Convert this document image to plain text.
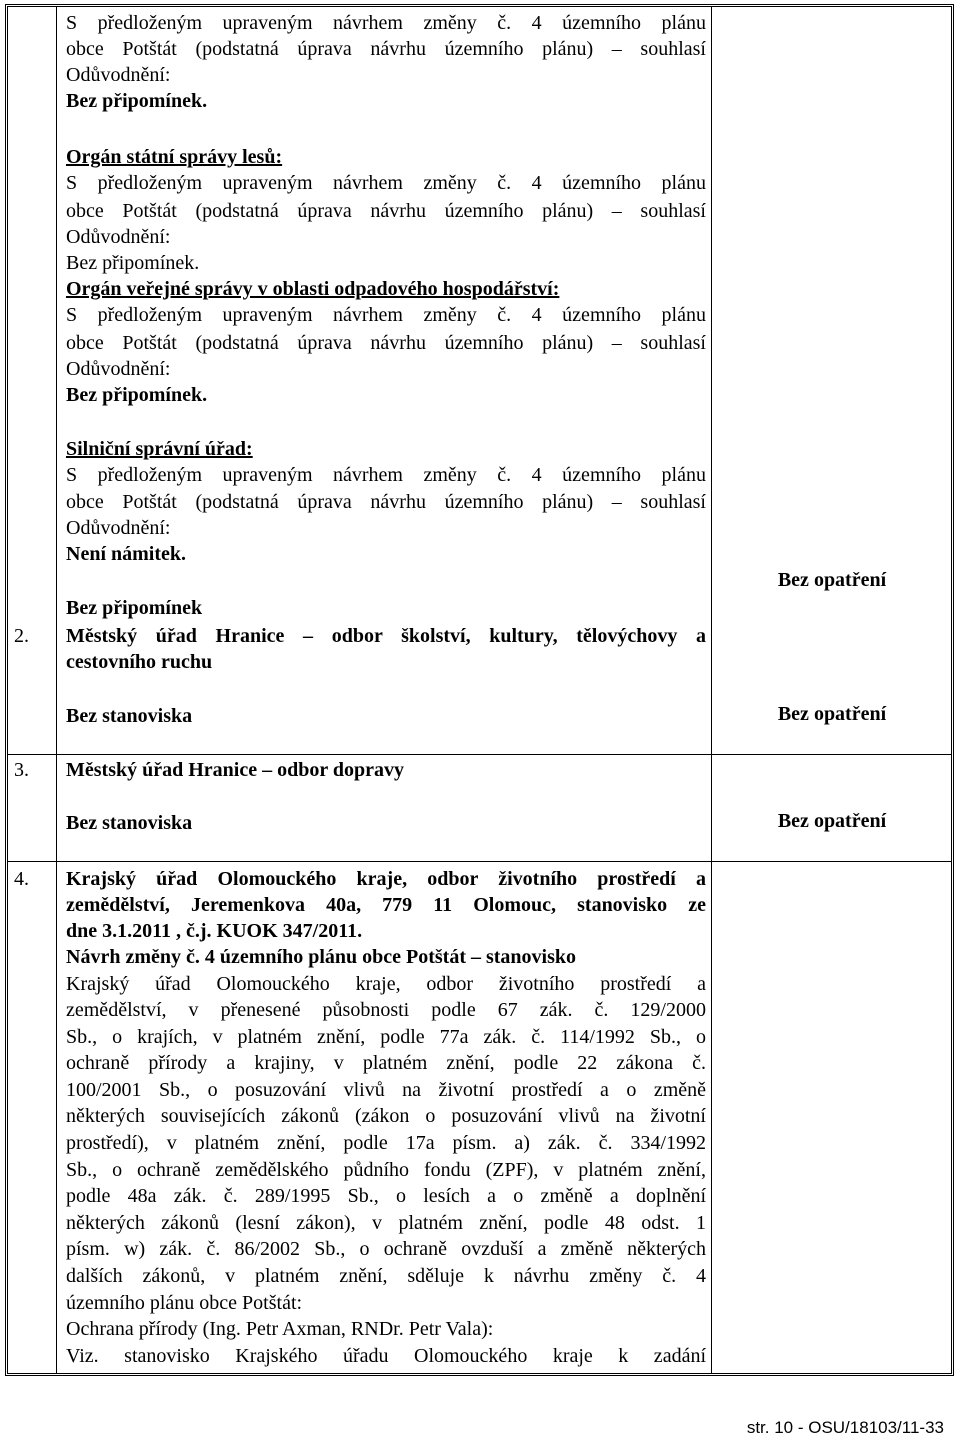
S předloženým upraveným návrhem změny č. 4 územního plánu
obce Potštát (podstatná úprava návrhu územního plánu) – souhlasí
Odůvodnění:
Bez připomínek.
Orgán státní správy lesů:
S předloženým upraveným návrhem změny č. 4 územního plánu
obce Potštát (podstatná úprava návrhu územního plánu) – souhlasí
Odůvodnění:
Bez připomínek.
Orgán veřejné správy v oblasti odpadového hospodářství:
S předloženým upraveným návrhem změny č. 4 územního plánu
obce Potštát (podstatná úprava návrhu územního plánu) – souhlasí
Odůvodnění:
Bez připomínek.
Silniční správní úřad:
S předloženým upraveným návrhem změny č. 4 územního plánu
obce Potštát (podstatná úprava návrhu územního plánu) – souhlasí
Odůvodnění:
Není námitek.
Bez připomínek
Bez opatření
2. Městský úřad Hranice – odbor školství, kultury, tělovýchovy a
cestovního ruchu
Bez stanoviska	Bez opatření
3. Městský úřad Hranice – odbor dopravy
Bez stanoviska	Bez opatření
4. Krajský úřad Olomouckého kraje, odbor životního prostředí a
zemědělství, Jeremenkova 40a, 779 11 Olomouc, stanovisko ze
dne 3.1.2011 , č.j. KUOK 347/2011.
Návrh změny č. 4 územního plánu obce Potštát – stanovisko
Krajský úřad Olomouckého kraje, odbor životního prostředí a
zemědělství, v přenesené působnosti podle 67 zák. č. 129/2000
Sb., o krajích, v platném znění, podle 77a zák. č. 114/1992 Sb., o
ochraně přírody a krajiny, v platném znění, podle 22 zákona č.
100/2001 Sb., o posuzování vlivů na životní prostředí a o změně
některých souvisejících zákonů (zákon o posuzování vlivů na životní
prostředí), v platném znění, podle 17a písm. a) zák. č. 334/1992
Sb., o ochraně zemědělského půdního fondu (ZPF), v platném znění,
podle 48a zák. č. 289/1995 Sb., o lesích a o změně a doplnění
některých zákonů (lesní zákon), v platném znění, podle 48 odst. 1
písm. w) zák. č. 86/2002 Sb., o ochraně ovzduší a změně některých
dalších zákonů, v platném znění, sděluje k návrhu změny č. 4
územního plánu obce Potštát:
Ochrana přírody (Ing. Petr Axman, RNDr. Petr Vala):
Viz. stanovisko Krajského úřadu Olomouckého kraje k zadání
str. 10 - OSU/18103/11-33
